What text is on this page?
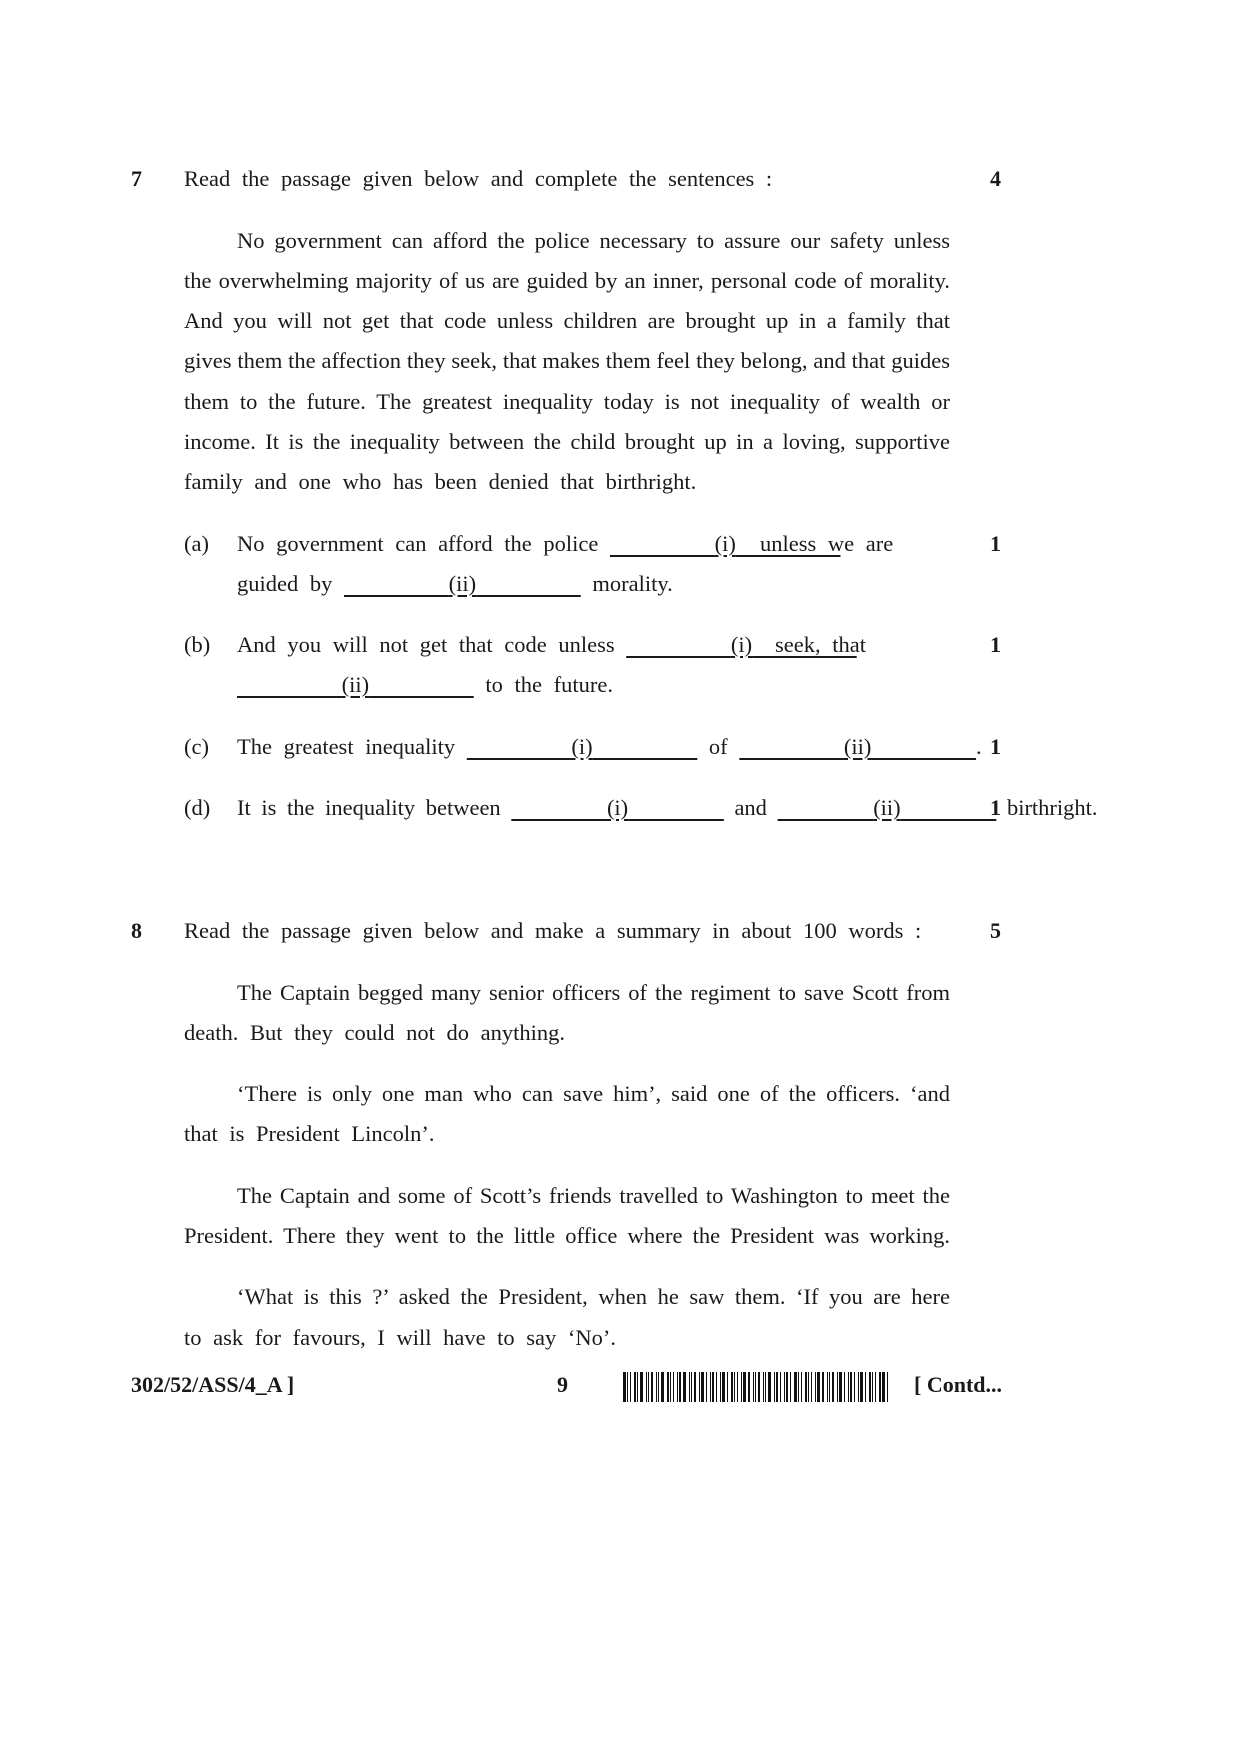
7 Read the passage given below and complete the sentences :	4
No government can afford the police necessary to assure our safety unless
the overwhelming majority of us are guided by an inner, personal code of morality.
And you will not get that code unless children are brought up in a family that
gives them the affection they seek, that makes them feel they belong, and that guides
them to the future. The greatest inequality today is not inequality of wealth or
income. It is the inequality between the child brought up in a loving, supportive
family and one who has been denied that birthright.
(a) No government can afford the police	(i)	unless we are	1
guided by	(ii)	morality.
(b) And you will not get that code unless	(i)	seek, that	1
(ii)	to the future.
(c) The greatest inequality	(i)	of	(ii)	. 1
(d) It is the inequality between	(i)	and	(ii)	birthright.
1
8 Read the passage given below and make a summary in about 100 words :	5
The Captain begged many senior officers of the regiment to save Scott from
death. But they could not do anything.
‘There is only one man who can save him’, said one of the officers. ‘and
that is President Lincoln’.
The Captain and some of Scott’s friends travelled to Washington to meet the
President. There they went to the little office where the President was working.
‘What is this ?’ asked the President, when he saw them. ‘If you are here
to ask for favours, I will have to say ‘No’.
302/52/ASS/4_A ]	9	[ Contd...
